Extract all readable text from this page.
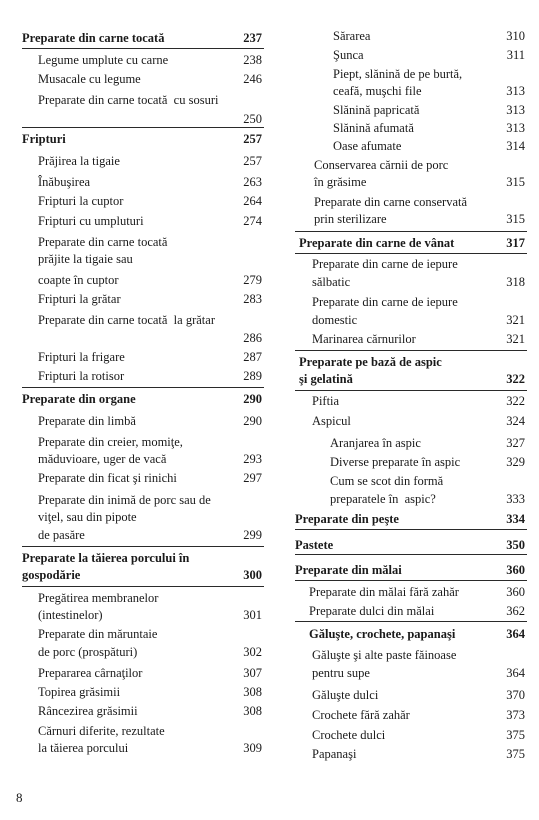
Preparate din carne tocată	237
Legume umplute cu carne	238
Musacale cu legume	246
Preparate din carne tocată  cu sosuri
250
Fripturi	257
Prăjirea la tigaie	257
Înăbuşirea	263
Fripturi la cuptor	264
Fripturi cu umpluturi	274
Preparate din carne tocată
prăjite la tigaie sau
coapte în cuptor	279
Fripturi la grătar	283
Preparate din carne tocată  la grătar
286
Fripturi la frigare	287
Fripturi la rotisor	289
Preparate din organe	290
Preparate din limbă	290
Preparate din creier, momiţe,
măduvioare, uger de vacă	293
Preparate din ficat şi rinichi	297
Preparate din inimă de porc sau de
viţel, sau din pipote
de pasăre	299
Preparate la tăierea porcului în
gospodărie	300
Pregătirea membranelor
(intestinelor)	301
Preparate din măruntaie
de porc (prospături)	302
Prepararea cârnaţilor	307
Topirea grăsimii	308
Râncezirea grăsimii	308
Cărnuri diferite, rezultate
la tăierea porcului	309
Sărarea	310
Şunca	311
Piept, slănină de pe burtă,
ceafă, muşchi file	313
Slănină papricată	313
Slănină afumată	313
Oase afumate	314
Conservarea cărnii de porc
în grăsime	315
Preparate din carne conservată
prin sterilizare	315
Preparate din carne de vânat	317
Preparate din carne de iepure
sălbatic	318
Preparate din carne de iepure
domestic	321
Marinarea cărnurilor	321
Preparate pe bază de aspic
şi gelatină	322
Piftia	322
Aspicul	324
Aranjarea în aspic	327
Diverse preparate în aspic	329
Cum se scot din formă
preparatele în  aspic?	333
Preparate din peşte	334
Pastete	350
Preparate din mălai	360
Preparate din mălai fără zahăr	360
Preparate dulci din mălai	362
Găluşte, crochete, papanaşi	364
Găluşte şi alte paste făinoase
pentru supe	364
Găluşte dulci	370
Crochete fără zahăr	373
Crochete dulci	375
Papanaşi	375
8
